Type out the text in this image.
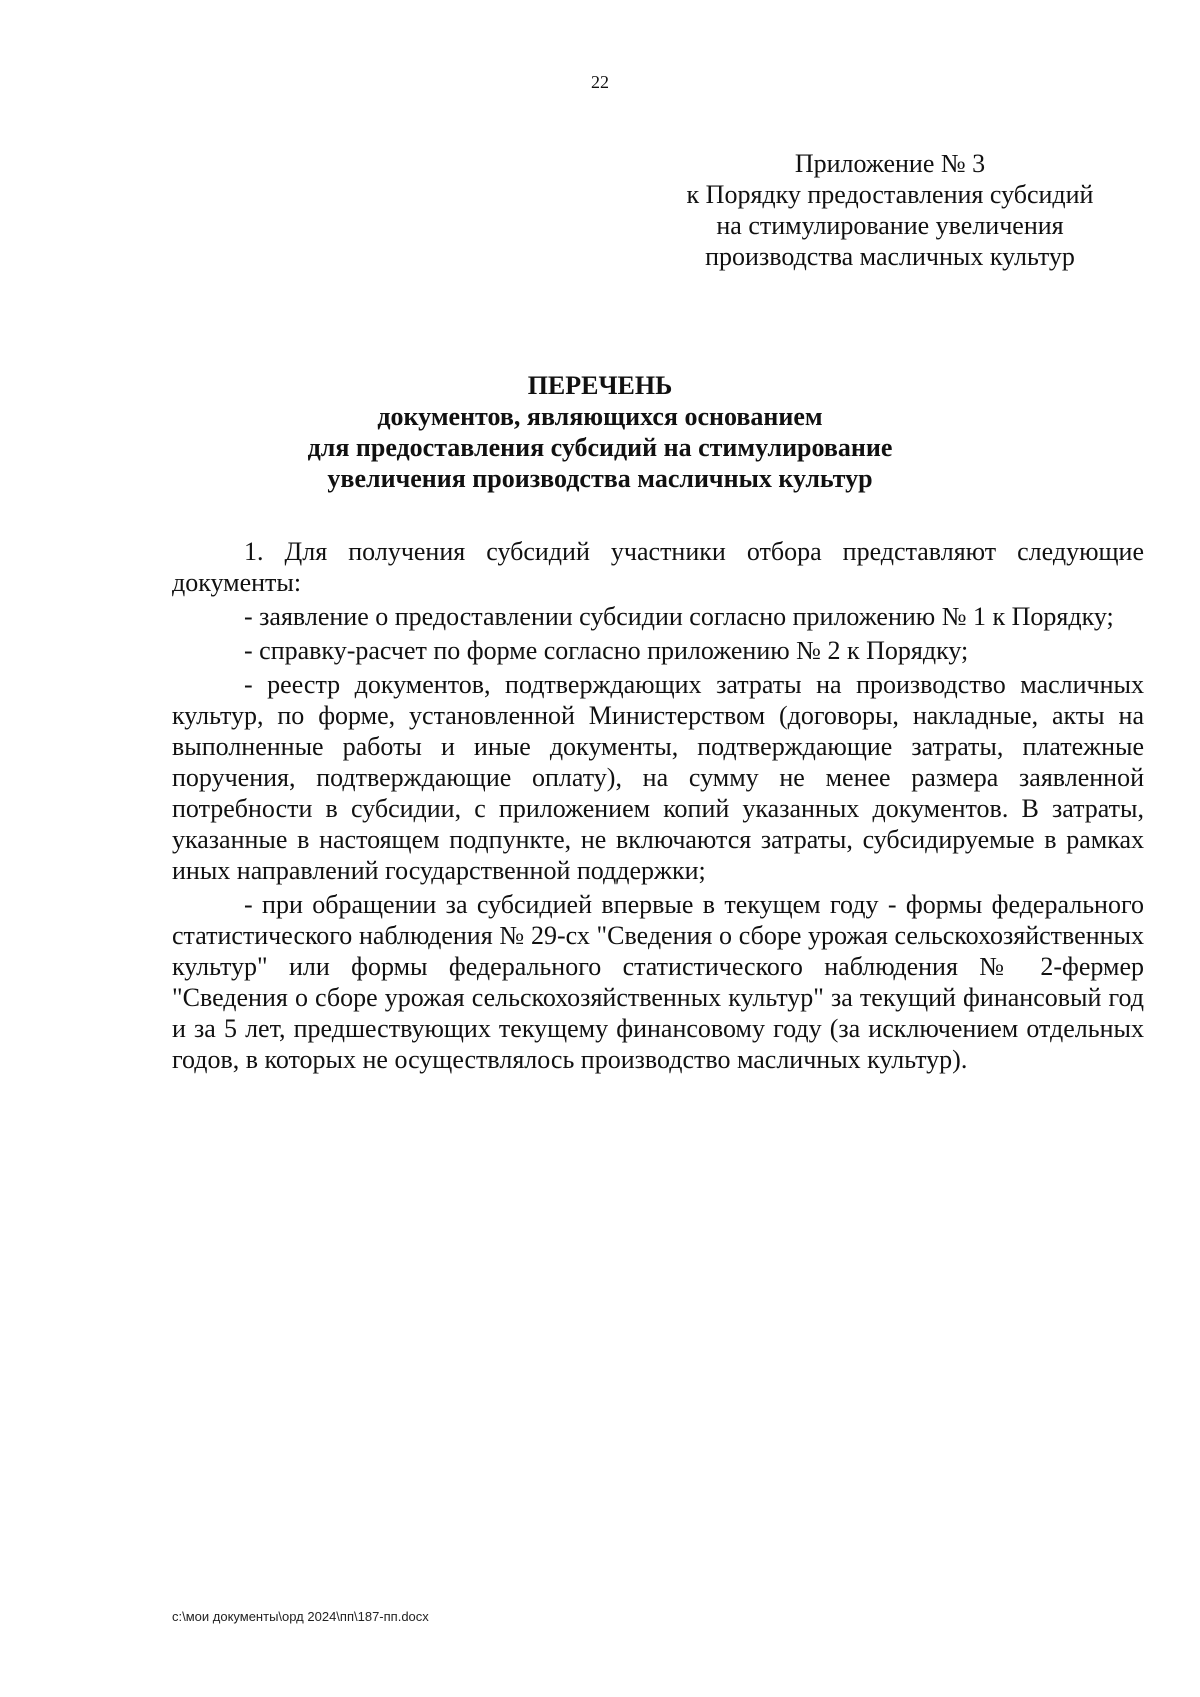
22
Приложение № 3
к Порядку предоставления субсидий
на стимулирование увеличения
производства масличных культур
ПЕРЕЧЕНЬ
документов, являющихся основанием
для предоставления субсидий на стимулирование
увеличения производства масличных культур

1. Для получения субсидий участники отбора представляют следующие документы:

- заявление о предоставлении субсидии согласно приложению № 1 к Порядку;

- справку-расчет по форме согласно приложению № 2 к Порядку;

- реестр документов, подтверждающих затраты на производство масличных культур, по форме, установленной Министерством (договоры, накладные, акты на выполненные работы и иные документы, подтверждающие затраты, платежные поручения, подтверждающие оплату), на сумму не менее размера заявленной потребности в субсидии, с приложением копий указанных документов. В затраты, указанные в настоящем подпункте, не включаются затраты, субсидируемые в рамках иных направлений государственной поддержки;

- при обращении за субсидией впервые в текущем году - формы федерального статистического наблюдения № 29-сх "Сведения о сборе урожая сельскохозяйственных культур" или формы федерального статистического наблюдения № 2-фермер "Сведения о сборе урожая сельскохозяйственных культур" за текущий финансовый год и за 5 лет, предшествующих текущему финансовому году (за исключением отдельных годов, в которых не осуществлялось производство масличных культур).

c:\мои документы\орд 2024\пп\187-пп.docx
